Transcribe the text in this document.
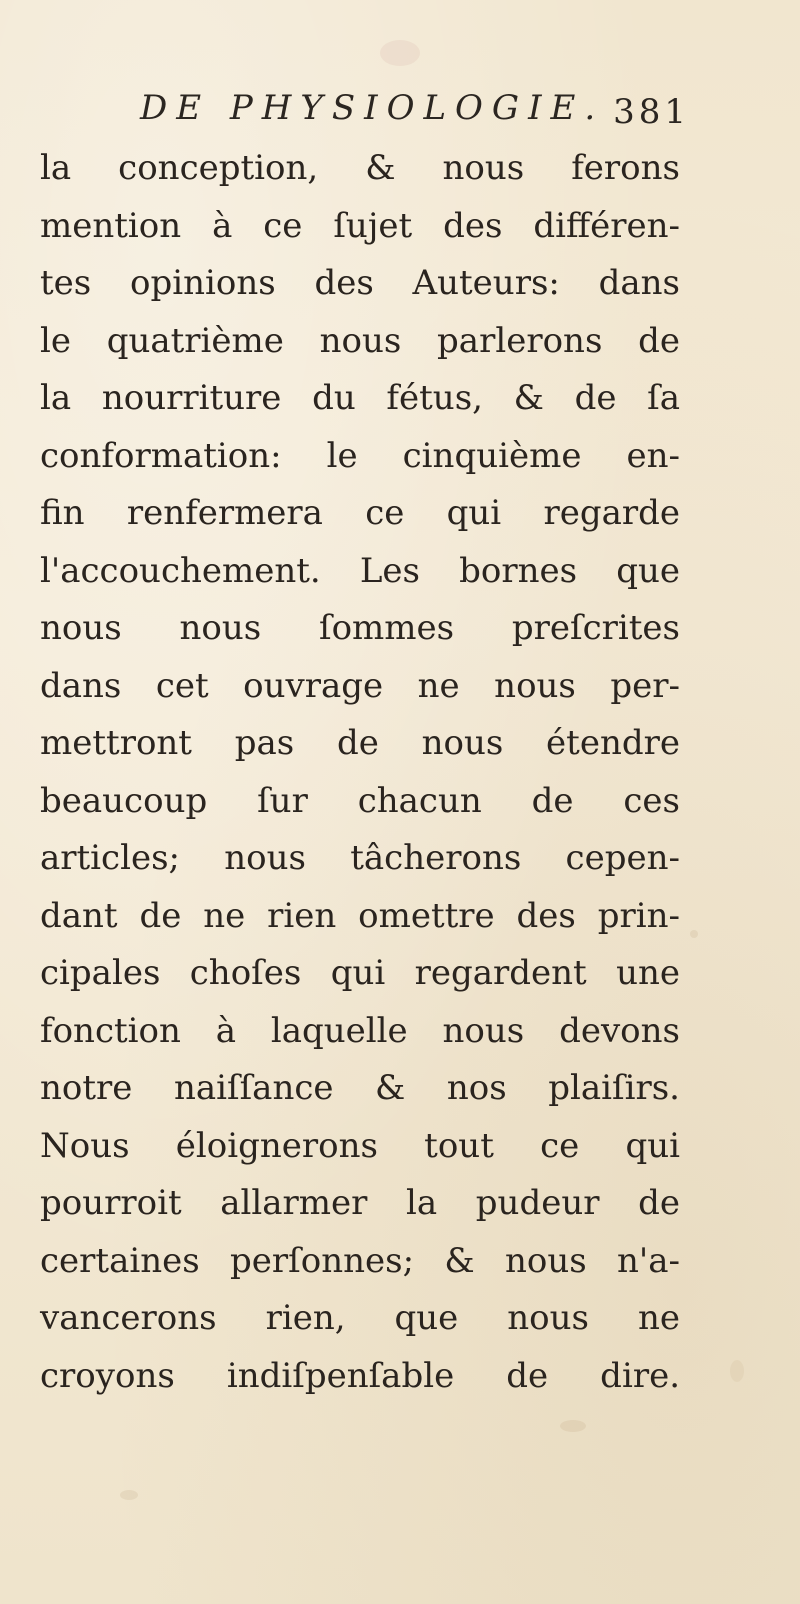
DE PHYSIOLOGIE. 381
la conception, & nous ferons
mention à ce ſujet des différen-
tes opinions des Auteurs: dans
le quatrième nous parlerons de
la nourriture du fétus, & de ſa
conformation: le cinquième en-
fin renfermera ce qui regarde
l'accouchement. Les bornes que
nous nous ſommes preſcrites
dans cet ouvrage ne nous per-
mettront pas de nous étendre
beaucoup ſur chacun de ces
articles; nous tâcherons cepen-
dant de ne rien omettre des prin-
cipales choſes qui regardent une
fonction à laquelle nous devons
notre naiſſance & nos plaiſirs.
Nous éloignerons tout ce qui
pourroit allarmer la pudeur de
certaines perſonnes; & nous n'a-
vancerons rien, que nous ne
croyons indiſpenſable de dire.
